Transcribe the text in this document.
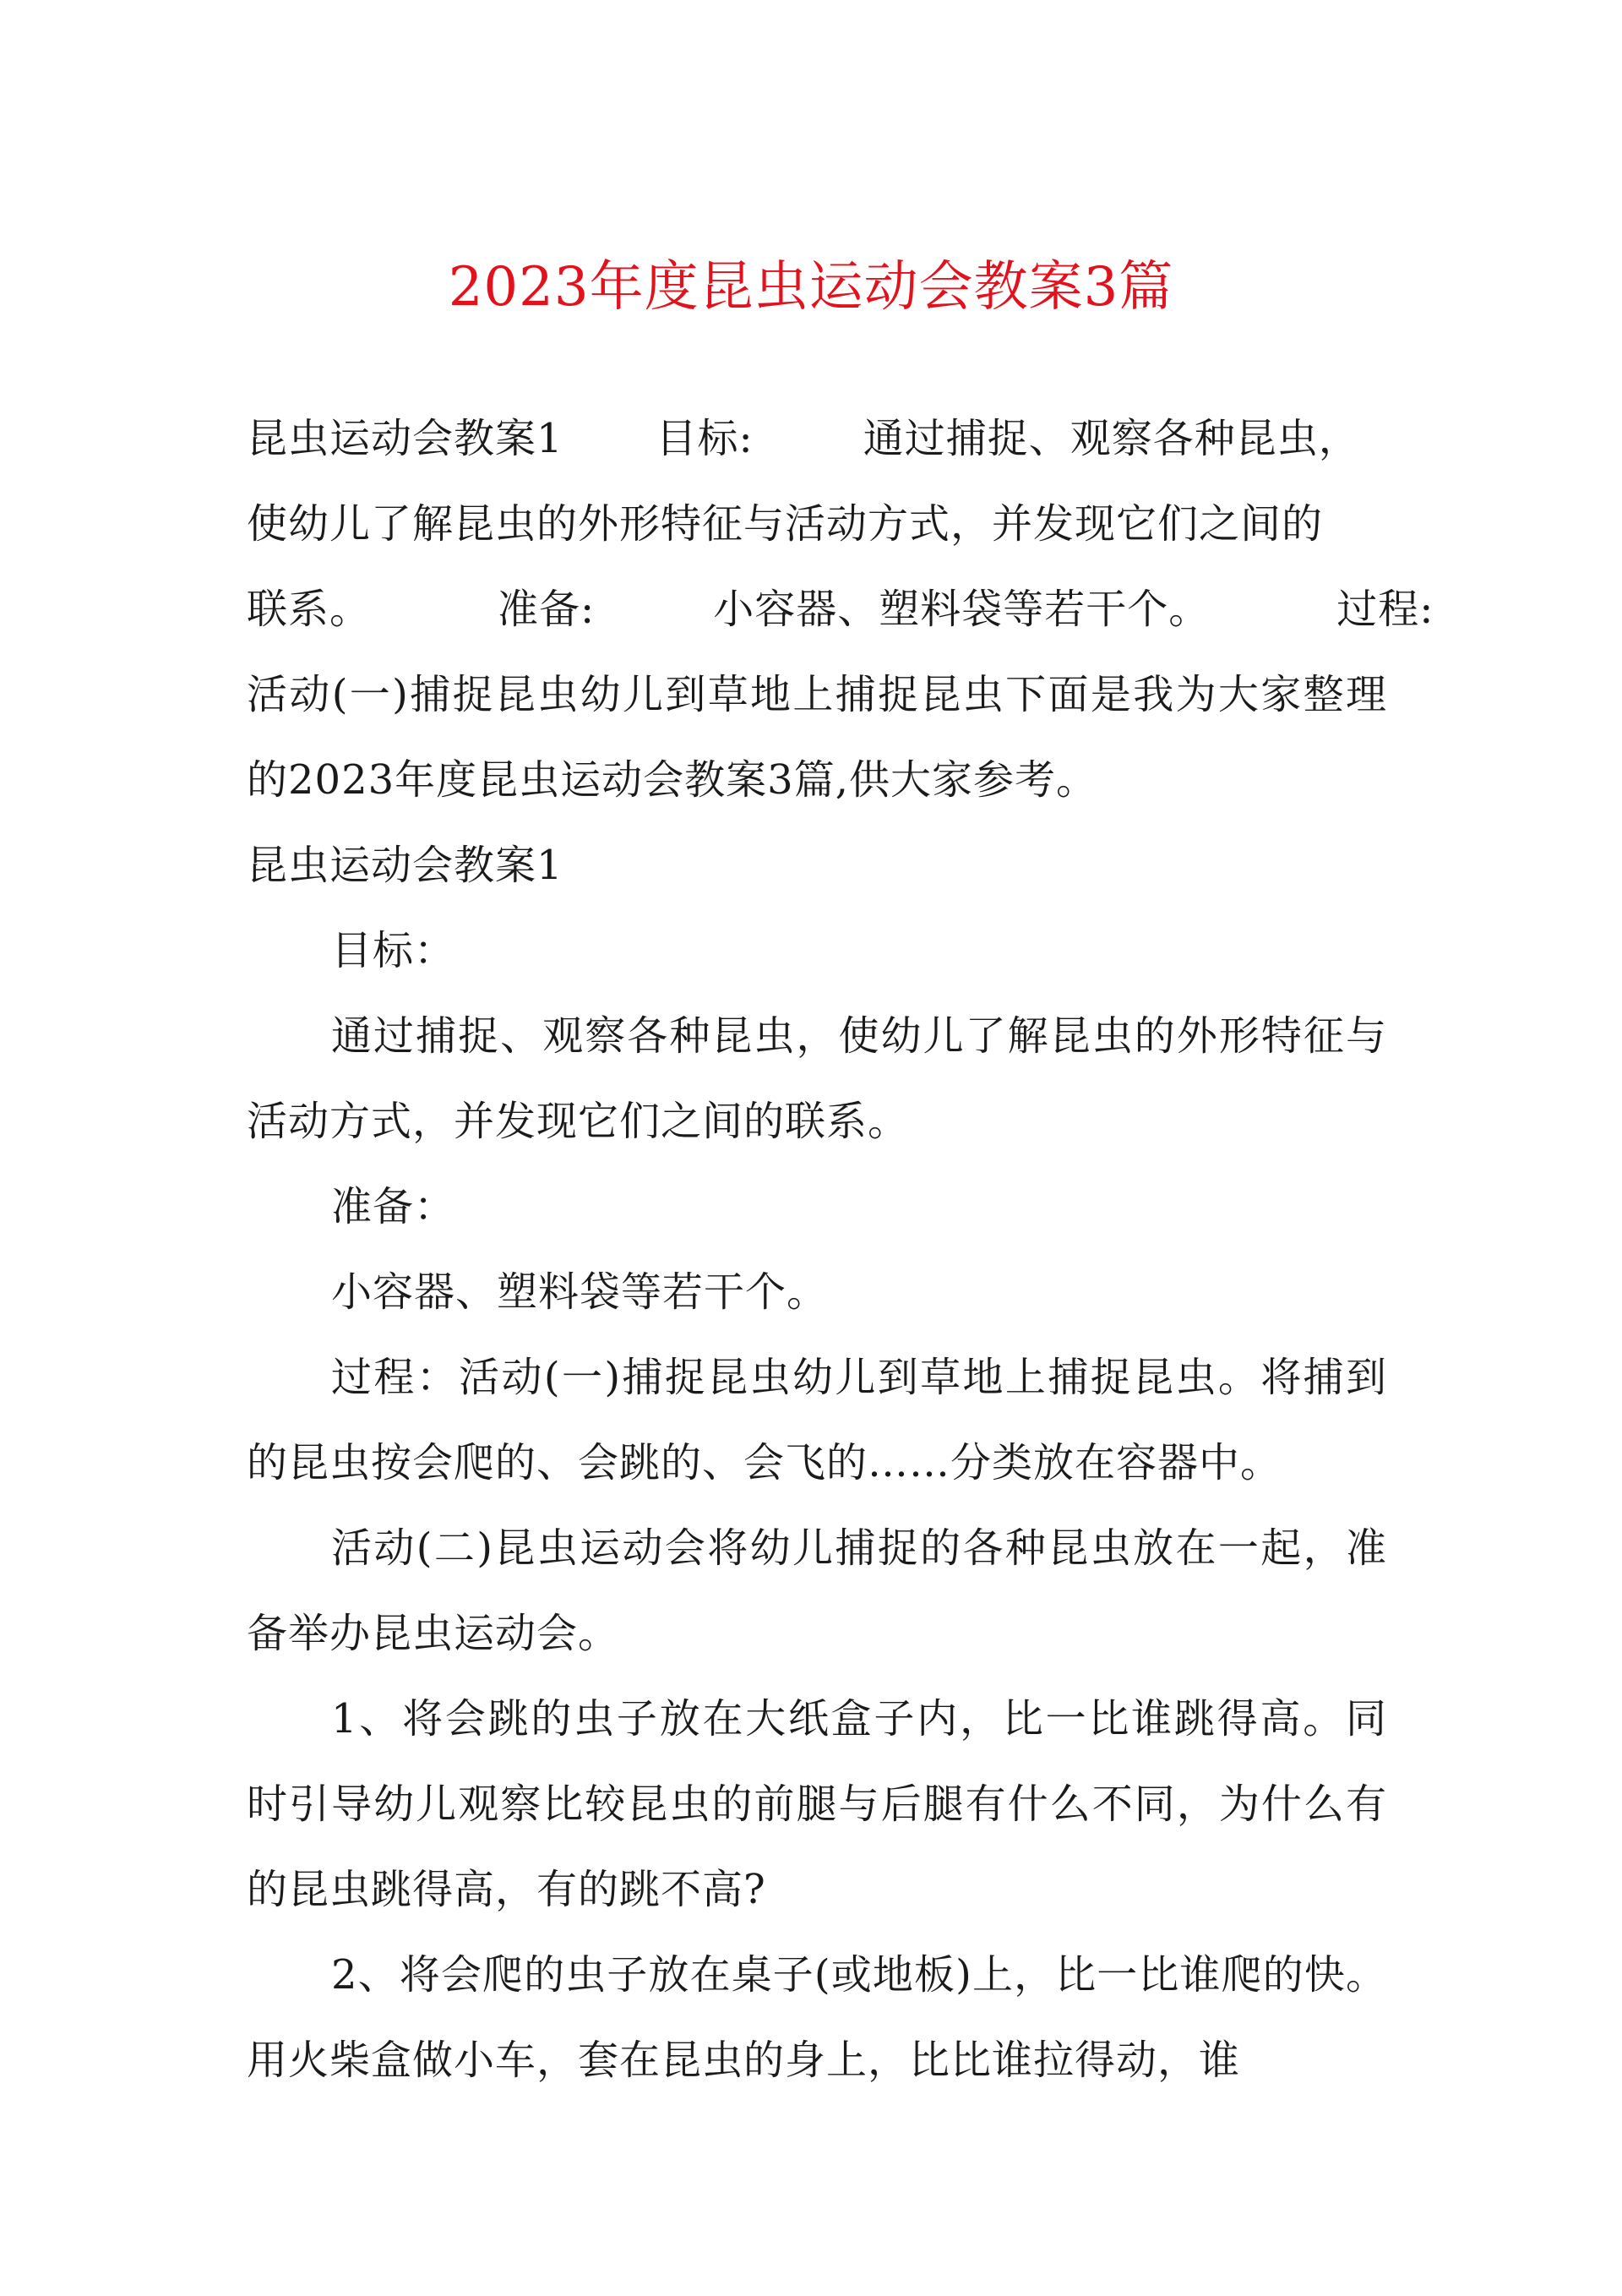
2023年度昆虫运动会教案3篇

昆虫运动会教案1 目标:	通过捕捉、观察各种昆虫，

使幼儿了解昆虫的外形特征与活动方式，并发现它们之间的

联系。	准备:	小容器、塑料袋等若干个。	过程:

活动(一)捕捉昆虫幼儿到草地上捕捉昆虫下面是我为大家整理的2023年度昆虫运动会教案3篇,供大家参考。

昆虫运动会教案1

目标：

通过捕捉、观察各种昆虫，使幼儿了解昆虫的外形特征与活动方式，并发现它们之间的联系。

准备：

小容器、塑料袋等若干个。

过程：活动(一)捕捉昆虫幼儿到草地上捕捉昆虫。将捕到的昆虫按会爬的、会跳的、会飞的……分类放在容器中。

活动(二)昆虫运动会将幼儿捕捉的各种昆虫放在一起，准备举办昆虫运动会。

1、将会跳的虫子放在大纸盒子内，比一比谁跳得高。同时引导幼儿观察比较昆虫的前腿与后腿有什么不同，为什么有的昆虫跳得高，有的跳不高?

2、将会爬的虫子放在桌子(或地板)上，比一比谁爬的快。用火柴盒做小车，套在昆虫的身上，比比谁拉得动，谁
